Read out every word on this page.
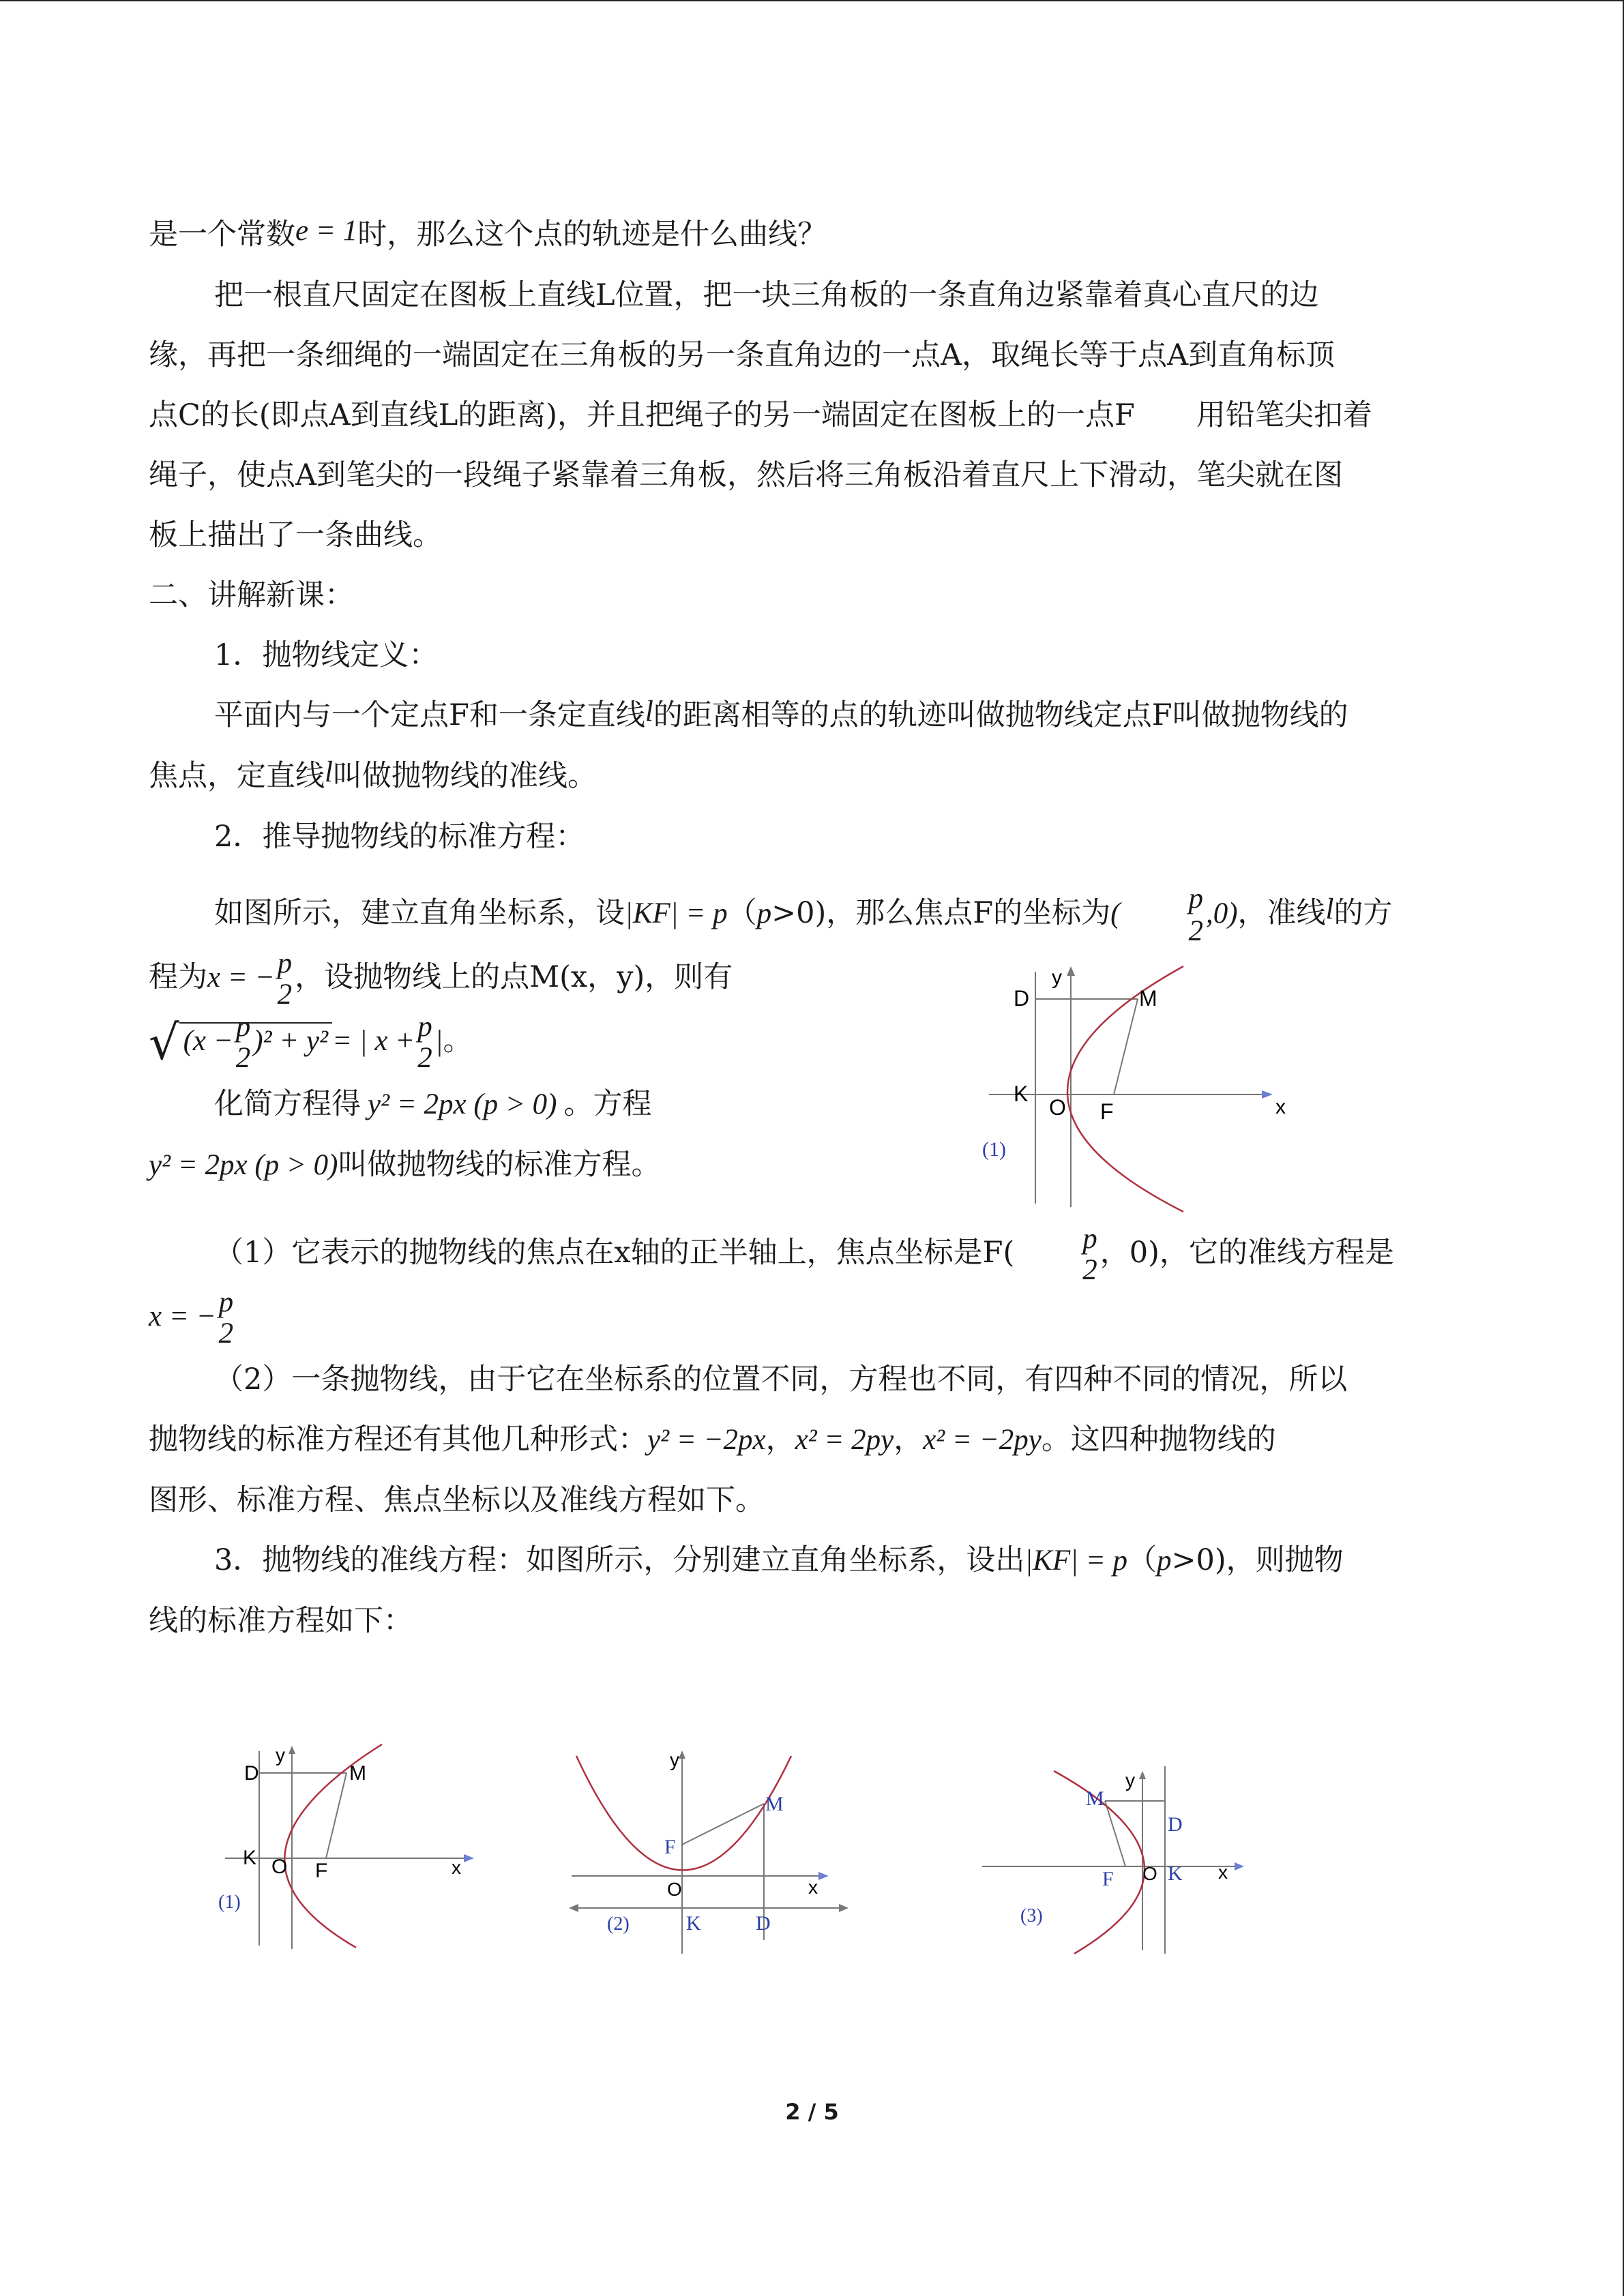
是一个常数e = 1时，那么这个点的轨迹是什么曲线？

把一根直尺固定在图板上直线L位置，把一块三角板的一条直角边紧靠着真心直尺的边

缘，再把一条细绳的一端固定在三角板的另一条直角边的一点A，取绳长等于点A到直角标顶

点C的长(即点A到直线L的距离)，并且把绳子的另一端固定在图板上的一点F 用铅笔尖扣着

绳子，使点A到笔尖的一段绳子紧靠着三角板，然后将三角板沿着直尺上下滑动，笔尖就在图

板上描出了一条曲线。

二、讲解新课：

1．抛物线定义：

平面内与一个定点F和一条定直线l的距离相等的点的轨迹叫做抛物线定点F叫做抛物线的

焦点，定直线l叫做抛物线的准线。

2．推导抛物线的标准方程：

如图所示，建立直角坐标系，设|KF| = p（p>0)，那么焦点F的坐标为( $\frac{p}{2} ,0$)，准线l的方

程为x = − p
2
，设抛物线上的点M(x，y)，则有

√ (x − p
2
)² + y² = | x + p
2
|。

化简方程得 y² = 2px (p > 0) 。方程

y² = 2px (p > 0)叫做抛物线的标准方程。

（1）它表示的抛物线的焦点在x轴的正半轴上，焦点坐标是F(	p
2
，0)，它的准线方程是

x = − p
2

（2）一条抛物线，由于它在坐标系的位置不同，方程也不同，有四种不同的情况，所以

抛物线的标准方程还有其他几种形式：y² = −2px，x² = 2py，x² = −2py。这四种抛物线的

图形、标准方程、焦点坐标以及准线方程如下。

3．抛物线的准线方程：如图所示，分别建立直角坐标系，设出|KF| = p（p>0)，则抛物

线的标准方程如下：

y
x
D	M
K
O F
(1)
y
x
D	M
K O F
(1)
y
x
F
M
O
K	D
(2)
y
x
M
D
F O K
(3)
2 / 5
